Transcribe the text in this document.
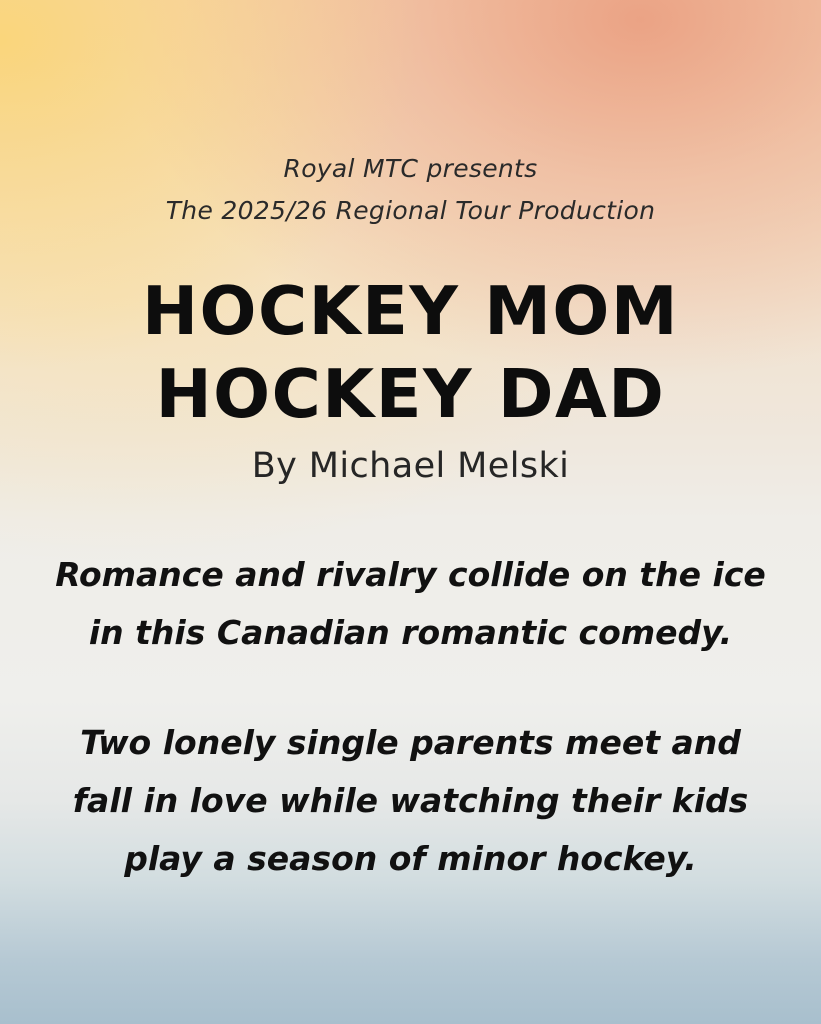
Royal MTC presents
The 2025/26 Regional Tour Production
HOCKEY MOM
HOCKEY DAD
By Michael Melski
Romance and rivalry collide on the ice
in this Canadian romantic comedy.
Two lonely single parents meet and
fall in love while watching their kids
play a season of minor hockey.
